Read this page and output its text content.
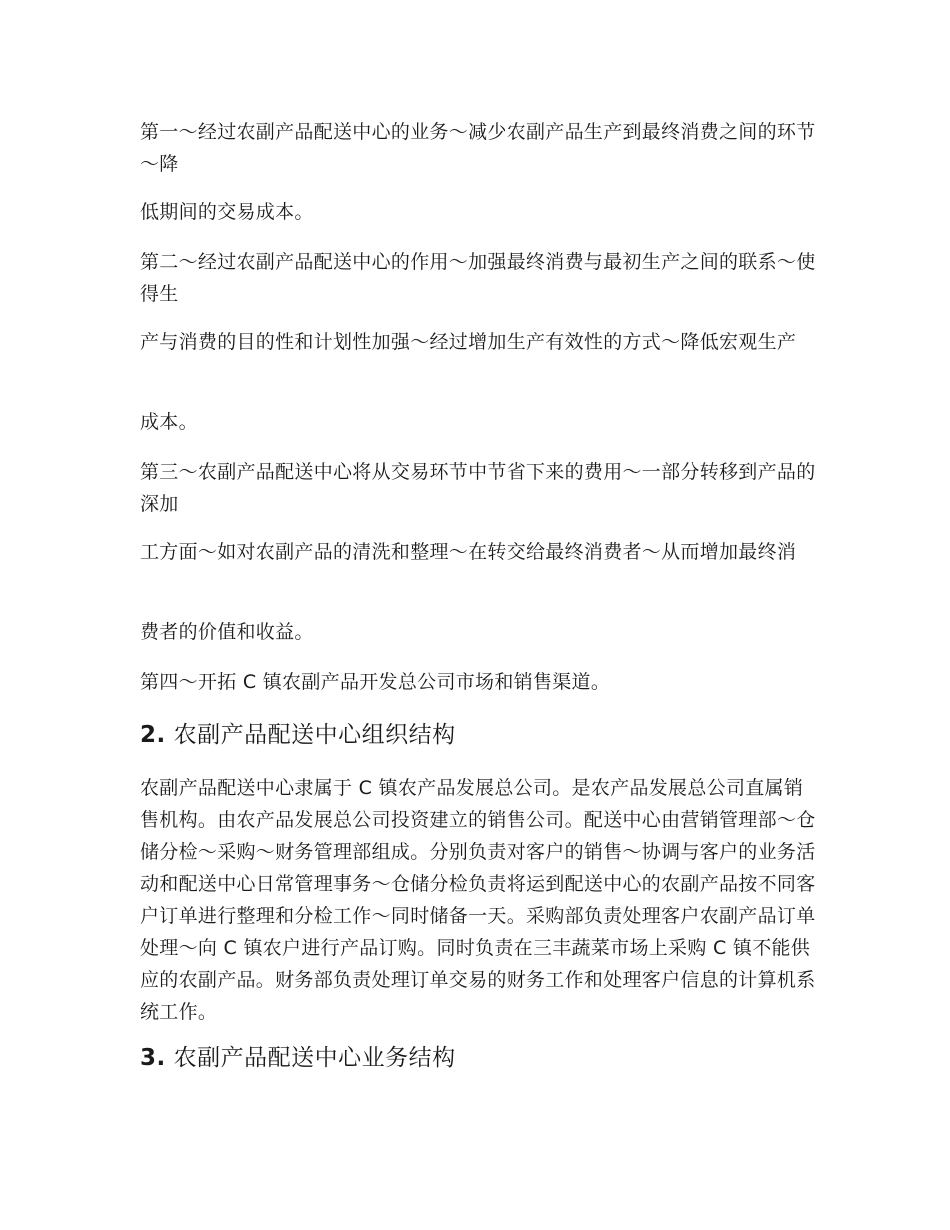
第一～经过农副产品配送中心的业务～减少农副产品生产到最终消费之间的环节～降

低期间的交易成本。

第二～经过农副产品配送中心的作用～加强最终消费与最初生产之间的联系～使得生

产与消费的目的性和计划性加强～经过增加生产有效性的方式～降低宏观生产

成本。

第三～农副产品配送中心将从交易环节中节省下来的费用～一部分转移到产品的深加

工方面～如对农副产品的清洗和整理～在转交给最终消费者～从而增加最终消

费者的价值和收益。

第四～开拓 C 镇农副产品开发总公司市场和销售渠道。

2. 农副产品配送中心组织结构

农副产品配送中心隶属于 C 镇农产品发展总公司。是农产品发展总公司直属销售机构。由农产品发展总公司投资建立的销售公司。配送中心由营销管理部～仓储分检～采购～财务管理部组成。分别负责对客户的销售～协调与客户的业务活动和配送中心日常管理事务～仓储分检负责将运到配送中心的农副产品按不同客户订单进行整理和分检工作～同时储备一天。采购部负责处理客户农副产品订单处理～向 C 镇农户进行产品订购。同时负责在三丰蔬菜市场上采购 C 镇不能供应的农副产品。财务部负责处理订单交易的财务工作和处理客户信息的计算机系统工作。

3. 农副产品配送中心业务结构
